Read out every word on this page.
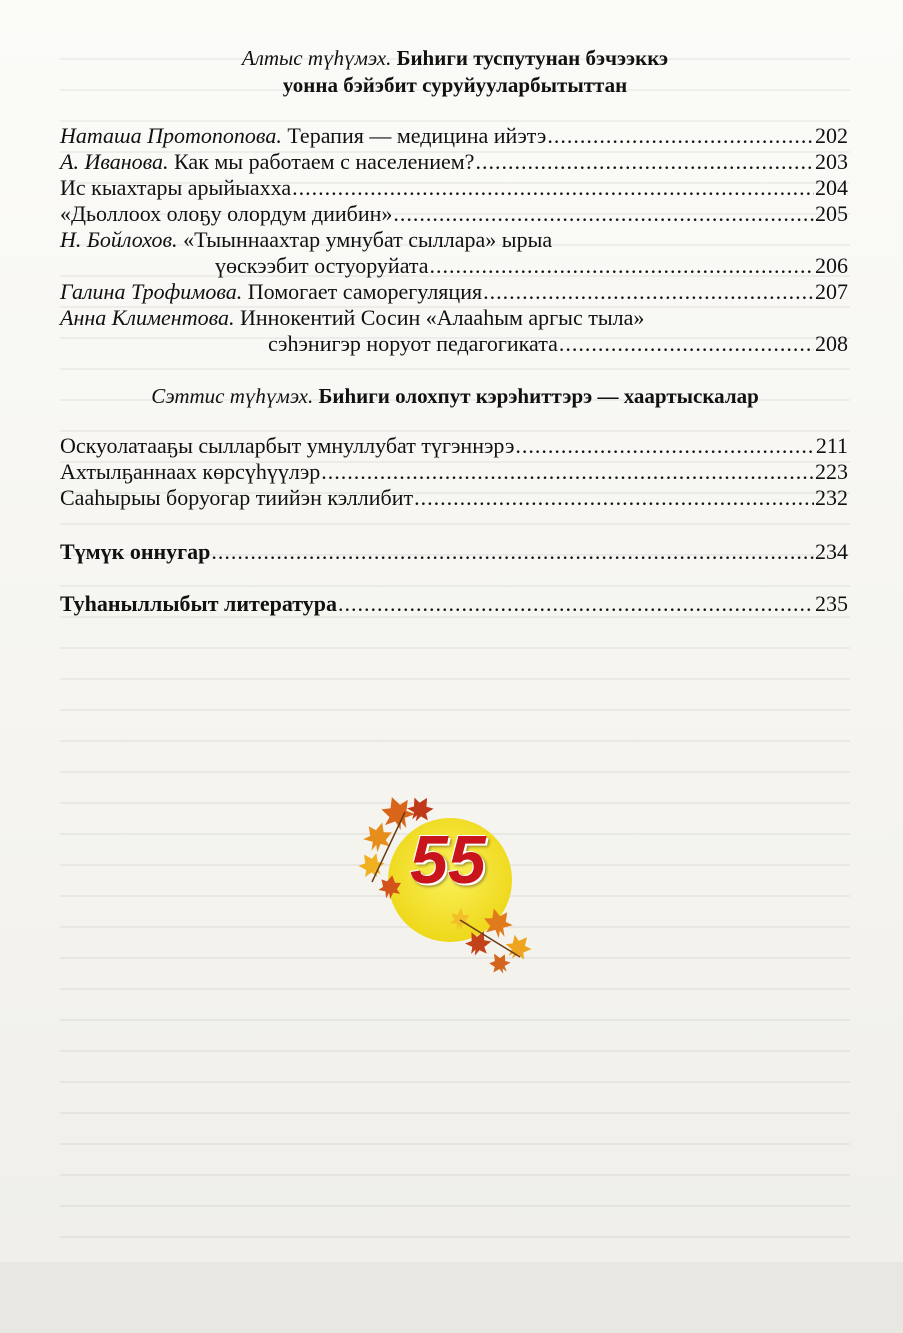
Алтыс түһүмэх. Биһиги туспутунан бэчээккэ
уонна бэйэбит суруйууларбытыттан
Наташа Протопопова. Терапия — медицина ийэтэ .....	202
А. Иванова. Как мы работаем с населением? .....	203
Ис кыахтары арыйыахха .....	204
«Дьоллоох олоҕу олордум диибин» .....	205
Н. Бойлохов. «Тыыннаахтар умнубат сыллара» ырыа
үөскээбит остуоруйата .....	206
Галина Трофимова. Помогает саморегуляция .....	207
Анна Климентова. Иннокентий Сосин «Алааһым аргыс тыла»
сэһэнигэр норуот педагогиката .....	208
Сэттис түһүмэх. Биһиги олохпут кэрэһиттэрэ — хаартыскалар
Оскуолатааҕы сылларбыт умнуллубат түгэннэрэ .....	211
Ахтылҕаннаах көрсүһүүлэр .....	223
Сааһырыы боруогар тиийэн кэллибит .....	232
Түмүк оннугар .....	234
Туһаныллыбыт литература .....	235
55
